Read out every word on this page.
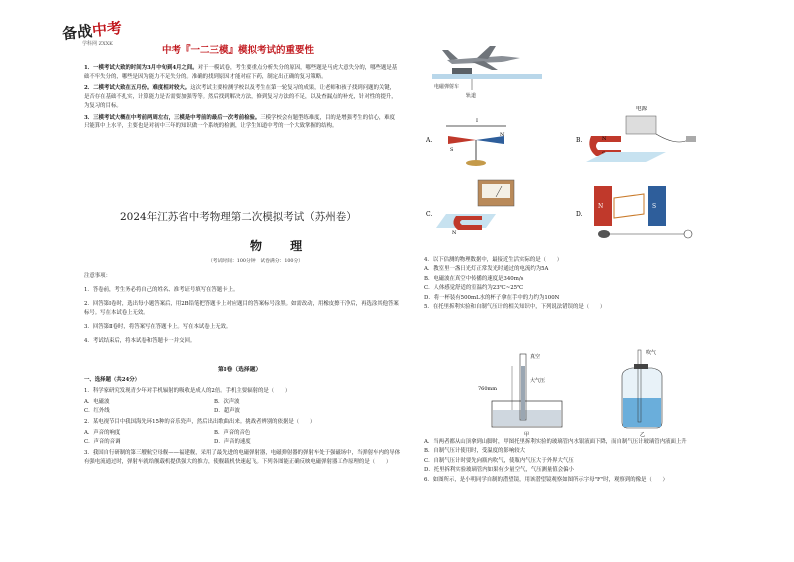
备战中考
学科网 ZXXK
中考『一二三模』模拟考试的重要性

1．一模考试大致的时间为3月中旬到4月之间。对于一模试卷，考生要重点分析失分的原因，哪些题是马虎大意失分的，哪些题是基础不牢失分的，哪些是因为能力不足失分的。准确的找到原因才能对症下药，制定出正确的复习策略。

2．二模考试大致在五月份。难度相对较大。这次考试主要检测学校以及考生在第一轮复习的成果，让老师和孩子找到问题的关键，是否存在基础不扎实，计算能力是否需要加强等等。然后找到解决方法，修到复习方法的不足，以及查漏点的补充，针对性的提升，为复习的目标。

3．三模考试大概在中考前两周左右，三模是中考前的最后一次考前检验。三模学校会有题型练难度，目的是增强考生的信心，难度只能算中上水平，主要也是对初中三年的知识做一个系统的检测，让学生知道中考的一个大致掌握的结构。

2024年江苏省中考物理第二次模拟考试（苏州卷）
物 理
（考试时间：100分钟　试卷满分：100分）
注意事项：
1．答卷前，考生务必将自己的姓名、准考证号填写在答题卡上。
2．回答第Ⅰ卷时，选出每小题答案后，用2B铅笔把答题卡上对应题目的答案标号涂黑。如需改动，用橡皮擦干净后，再选涂其他答案标号。写在本试卷上无效。
3．回答第Ⅱ卷时，将答案写在答题卡上。写在本试卷上无效。
4．考试结束后，将本试卷和答题卡一并交回。
第Ⅰ卷（选择题）
一、选择题（共24分）
1．科学家研究发现青少年对手机辐射的吸收是成人的2倍。手机主要辐射的是（　　）
A．电磁波	B．次声波
C．红外线	D．超声波
2．某电视节目中我国海先环15种的音乐瓷声，然后出出歌曲出来。挑战者辨别的依据是（　　）
A．声音的响度	B．声音的音色
C．声音的音调	D．声音的速度
3．我国自行研制的第三艘航空母舰——福建舰，采用了最先进的电磁弹射器，电磁弹射器的弹射车处于强磁场中，当弹射车内的导体有强电流通过时，弹射车就给舰载机提供强大的推力，使舰载机快速起飞。下列各图能正确反映电磁弹射器工作原理的是（　　）
电磁弹射车
轨道
A.
I
S
N
B.
电源
N
C.
N
D.
N	S
4．以下估测的物理数据中，最接近生活实际的是（　　）
A．教室里一盏日光灯正常发光时通过的电流约为5A
B．电磁波在真空中传播的速度是340m/s
C．人体感觉舒适的室温约为23℃~25℃
D．将一杯装有500mL水的杯子拿在手中的力约为100N
5．在托里拆利实验和自制气压计的相关知识中，下列说法错误的是（　　）
真空
大气压
760mm
甲
吹气
乙
A．当两者都从山顶拿到山脚时，甲图托里拆利实验的玻璃管内水银液面下降，而自制气压计玻璃管内液面上升
B．自制气压计使用时，受温度的影响较大
C．自制气压计时要先向瓶内吹气，使瓶内气压大于外界大气压
D．托里拆利实验玻璃管内如果有少量空气，气压测量值会偏小
6．如图所示，是小明同学自制的潜望镜，用该潜望镜观察如图所示字母"F"时，观察到的像是（　　）
